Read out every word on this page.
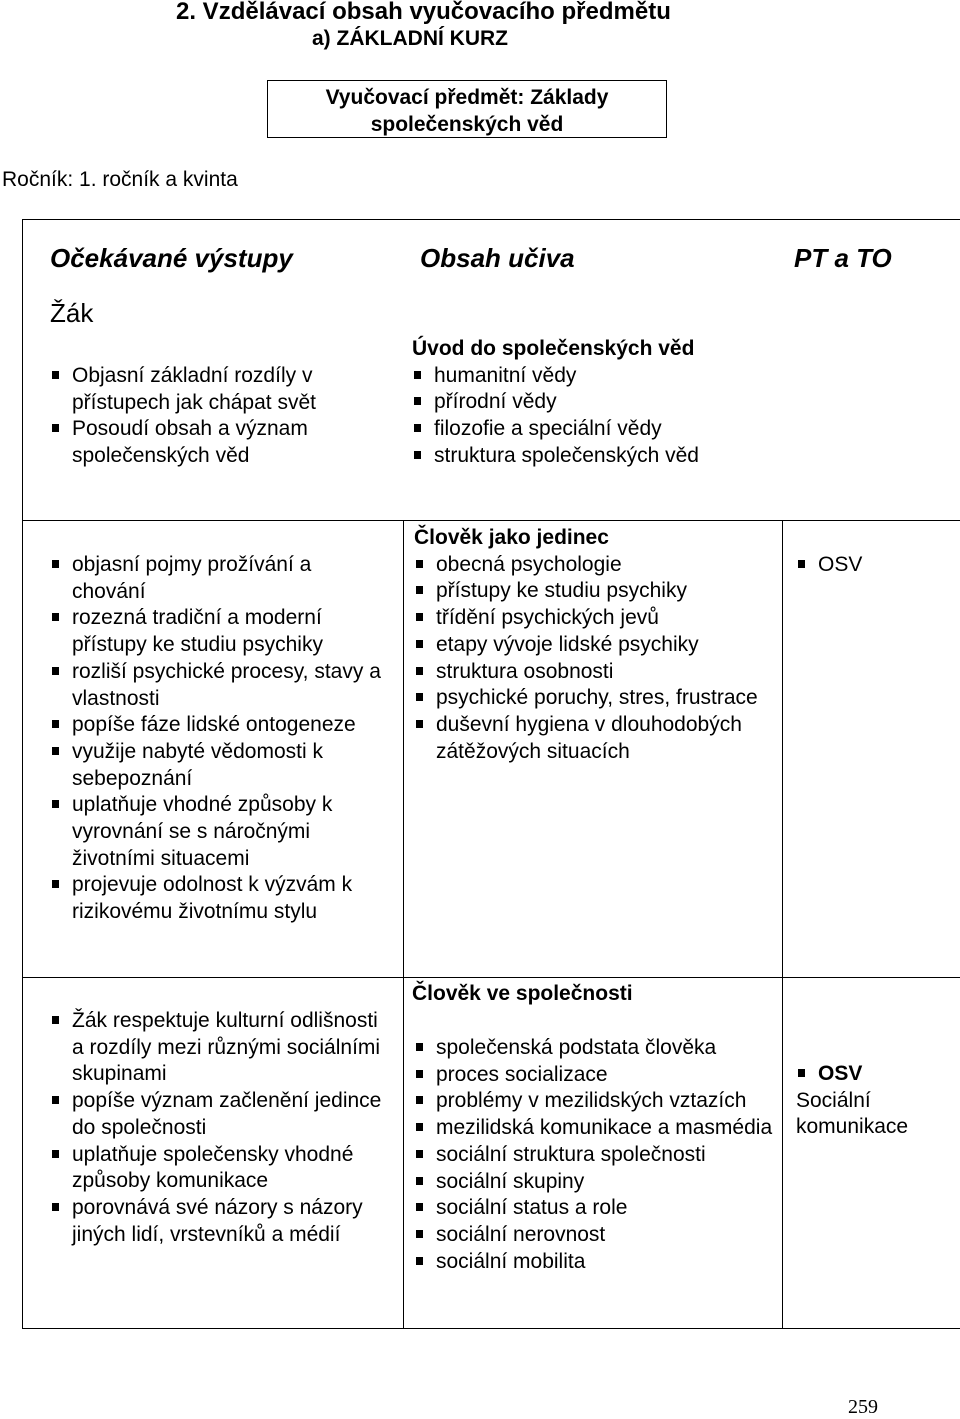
2. Vzdělávací obsah vyučovacího předmětu
a) ZÁKLADNÍ KURZ
Vyučovací předmět: Základy
společenských věd
Ročník: 1. ročník a kvinta
Očekávané výstupy	Obsah učiva	PT a TO
Žák
Objasní základní rozdíly v přístupech jak chápat svět
Posoudí obsah a význam společenských věd
Úvod do společenských věd
humanitní vědy
přírodní vědy
filozofie a speciální vědy
struktura společenských věd
objasní pojmy prožívání a chování
rozezná tradiční a moderní přístupy ke studiu psychiky
rozliší psychické procesy, stavy a vlastnosti
popíše fáze lidské ontogeneze
využije nabyté vědomosti k sebepoznání
uplatňuje vhodné způsoby k vyrovnání se s náročnými životními situacemi
projevuje odolnost k výzvám k rizikovému životnímu stylu
Člověk jako jedinec
obecná psychologie
přístupy ke studiu psychiky
třídění psychických jevů
etapy vývoje lidské psychiky
struktura osobnosti
psychické poruchy, stres, frustrace
duševní hygiena v dlouhodobých zátěžových situacích
OSV
Žák respektuje kulturní odlišnosti a rozdíly mezi různými sociálními skupinami
popíše význam začlenění jedince do společnosti
uplatňuje společensky vhodné způsoby komunikace
porovnává své názory s názory jiných lidí, vrstevníků a médií
Člověk ve společnosti
společenská podstata člověka
proces socializace
problémy v mezilidských vztazích
mezilidská komunikace a masmédia
sociální struktura společnosti
sociální skupiny
sociální status a role
sociální nerovnost
sociální mobilita
OSV
Sociální komunikace
259
